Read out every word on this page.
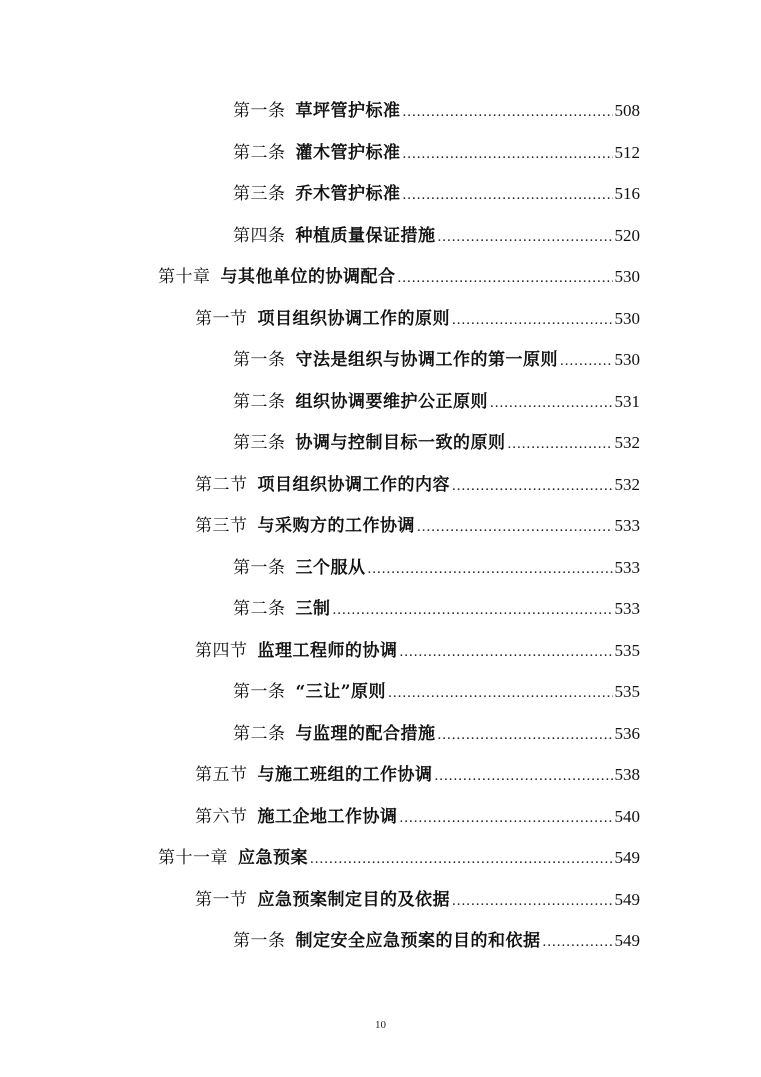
第一条 草坪管护标准 .....	508
第二条 灌木管护标准 .....	512
第三条 乔木管护标准 .....	516
第四条 种植质量保证措施 .....	520
第十章 与其他单位的协调配合 .....	530
第一节 项目组织协调工作的原则 .....	530
第一条 守法是组织与协调工作的第一原则 .....	530
第二条 组织协调要维护公正原则 .....	531
第三条 协调与控制目标一致的原则 .....	532
第二节 项目组织协调工作的内容 .....	532
第三节 与采购方的工作协调 .....	533
第一条 三个服从 .....	533
第二条 三制 .....	533
第四节 监理工程师的协调 .....	535
第一条 “三让”原则 .....	535
第二条 与监理的配合措施 .....	536
第五节 与施工班组的工作协调 .....	538
第六节 施工企地工作协调 .....	540
第十一章 应急预案 .....	549
第一节 应急预案制定目的及依据 .....	549
第一条 制定安全应急预案的目的和依据 .....	549
10
